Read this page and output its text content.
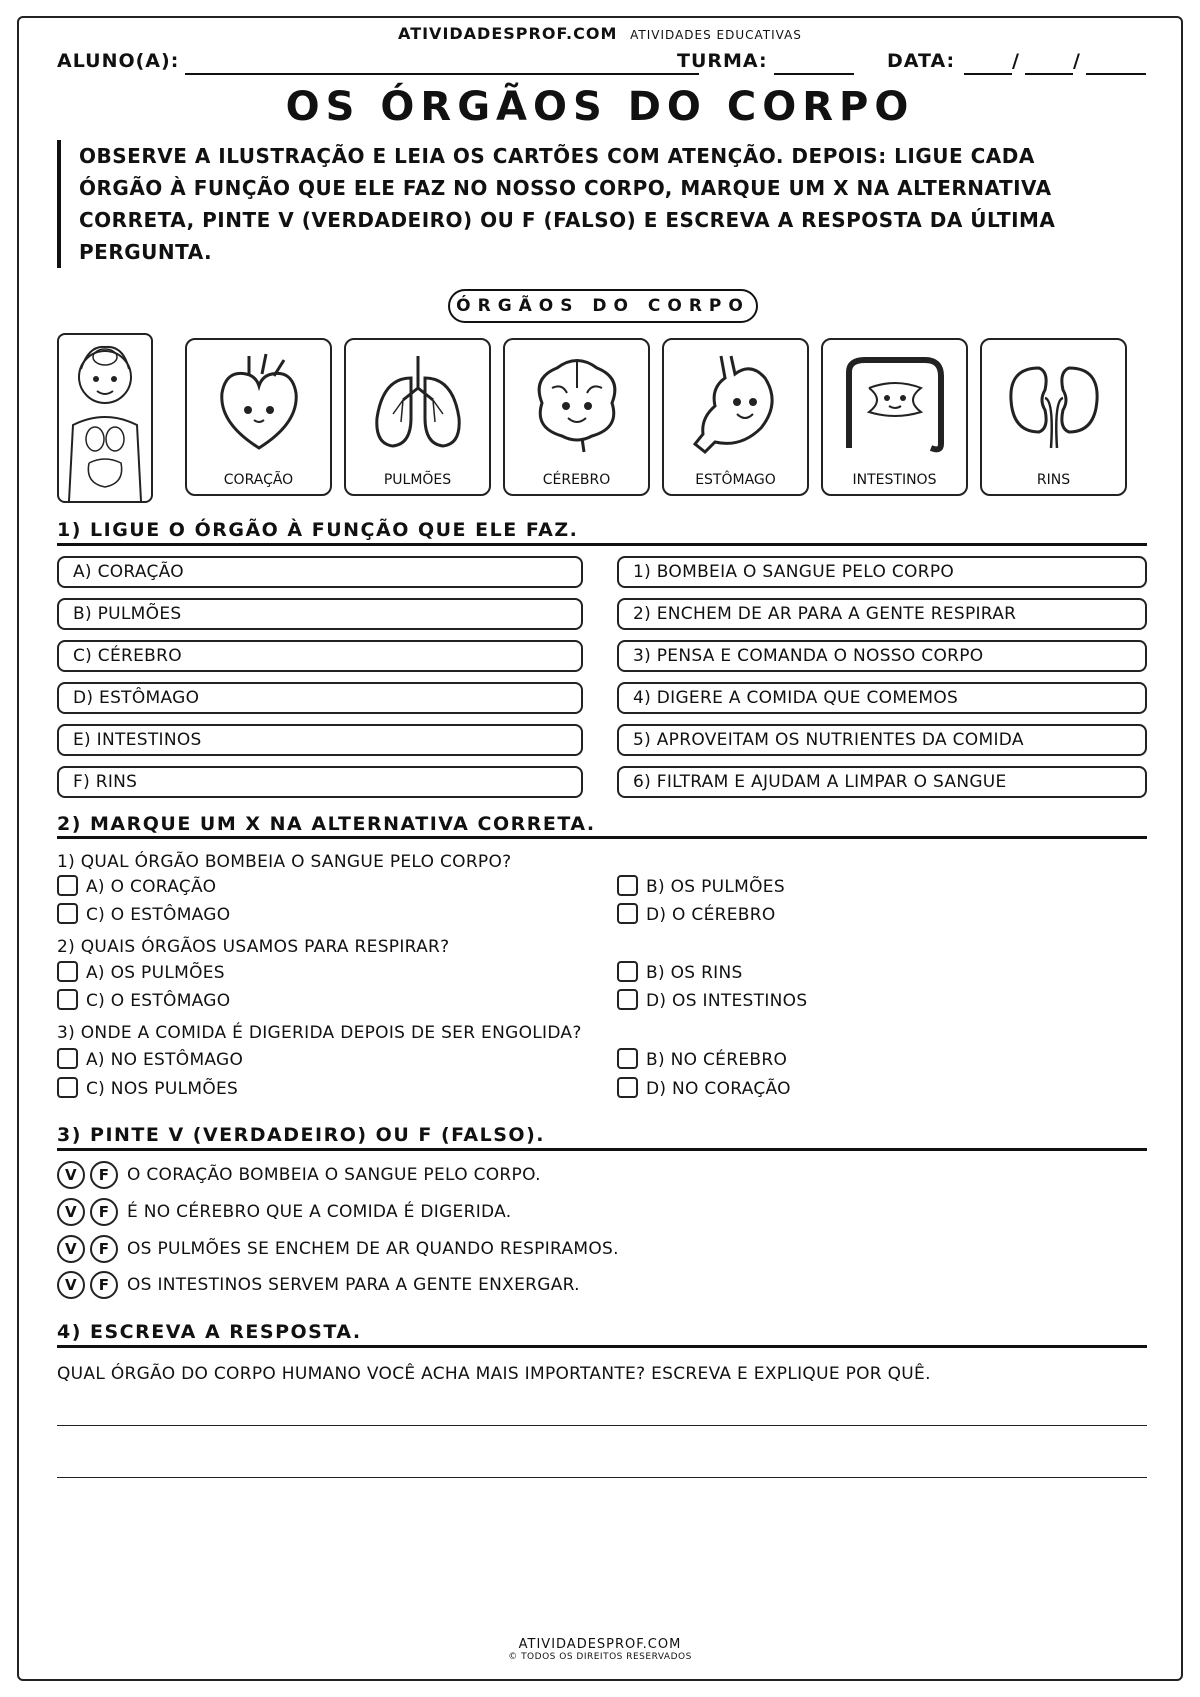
ATIVIDADESPROF.COM ATIVIDADES EDUCATIVAS
ALUNO(A):	TURMA:	DATA:	/	/
OS ÓRGÃOS DO CORPO
OBSERVE A ILUSTRAÇÃO E LEIA OS CARTÕES COM ATENÇÃO. DEPOIS: LIGUE CADA ÓRGÃO À FUNÇÃO QUE ELE FAZ NO NOSSO CORPO, MARQUE UM X NA ALTERNATIVA CORRETA, PINTE V (VERDADEIRO) OU F (FALSO) E ESCREVA A RESPOSTA DA ÚLTIMA PERGUNTA.
ÓRGÃOS DO CORPO
CORAÇÃO	PULMÕES	CÉREBRO	ESTÔMAGO	INTESTINOS	RINS
1) LIGUE O ÓRGÃO À FUNÇÃO QUE ELE FAZ.
A) CORAÇÃO
B) PULMÕES
C) CÉREBRO
D) ESTÔMAGO
E) INTESTINOS
F) RINS
1) BOMBEIA O SANGUE PELO CORPO
2) ENCHEM DE AR PARA A GENTE RESPIRAR
3) PENSA E COMANDA O NOSSO CORPO
4) DIGERE A COMIDA QUE COMEMOS
5) APROVEITAM OS NUTRIENTES DA COMIDA
6) FILTRAM E AJUDAM A LIMPAR O SANGUE
2) MARQUE UM X NA ALTERNATIVA CORRETA.
1) QUAL ÓRGÃO BOMBEIA O SANGUE PELO CORPO?
A) O CORAÇÃO	B) OS PULMÕES
C) O ESTÔMAGO	D) O CÉREBRO
2) QUAIS ÓRGÃOS USAMOS PARA RESPIRAR?
A) OS PULMÕES	B) OS RINS
C) O ESTÔMAGO	D) OS INTESTINOS
3) ONDE A COMIDA É DIGERIDA DEPOIS DE SER ENGOLIDA?
A) NO ESTÔMAGO	B) NO CÉREBRO
C) NOS PULMÕES	D) NO CORAÇÃO
3) PINTE V (VERDADEIRO) OU F (FALSO).
V F O CORAÇÃO BOMBEIA O SANGUE PELO CORPO.
V F É NO CÉREBRO QUE A COMIDA É DIGERIDA.
V F OS PULMÕES SE ENCHEM DE AR QUANDO RESPIRAMOS.
V F OS INTESTINOS SERVEM PARA A GENTE ENXERGAR.
4) ESCREVA A RESPOSTA.
QUAL ÓRGÃO DO CORPO HUMANO VOCÊ ACHA MAIS IMPORTANTE? ESCREVA E EXPLIQUE POR QUÊ.
ATIVIDADESPROF.COM
© TODOS OS DIREITOS RESERVADOS
